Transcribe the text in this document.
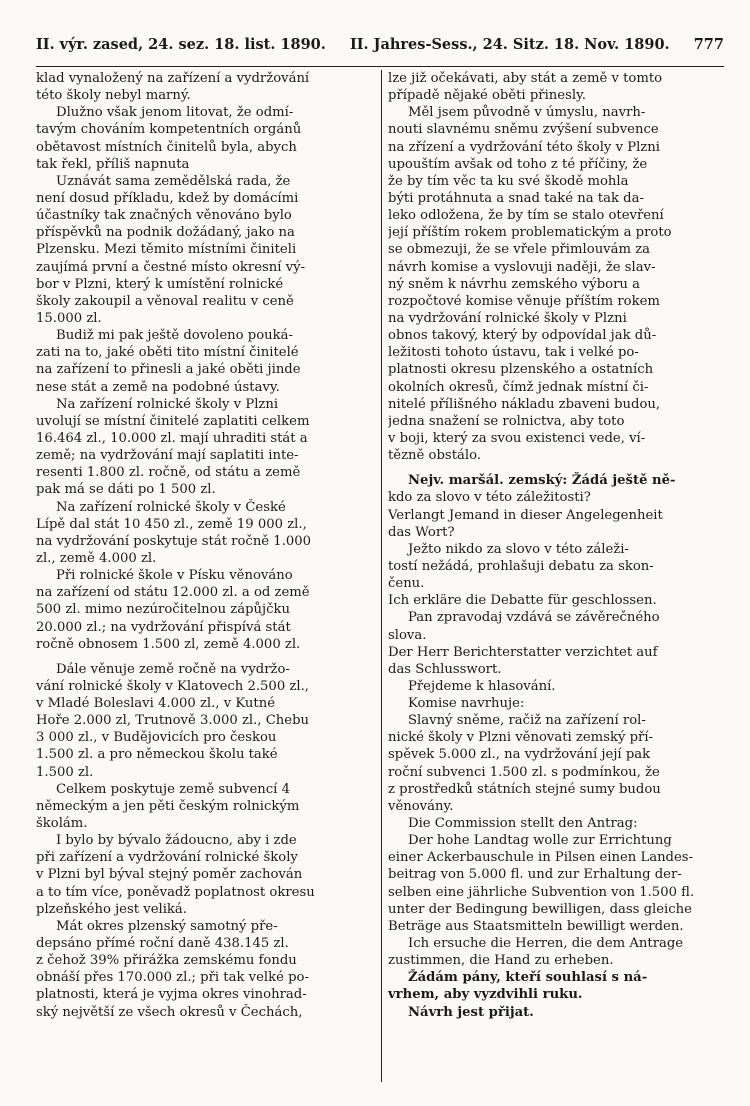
II. výr. zased, 24. sez. 18. list. 1890. II. Jahres-Sess., 24. Sitz. 18. Nov. 1890. 777
klad vynaložený na zařízení a vydržování
této školy nebyl marný.
Dlužno však jenom litovat, že odmí-
tavým chováním kompetentních orgánů
obětavost místních činitelů byla, abych
tak řekl, příliš napnuta
Uznávát sama zemědělská rada, že
není dosud příkladu, kdež by domácími
účastníky tak značných věnováno bylo
příspěvků na podnik dožádaný, jako na
Plzensku. Mezi těmito místními činiteli
zaujímá první a čestné místo okresní vý-
bor v Plzni, který k umístění rolnické
školy zakoupil a věnoval realitu v ceně
15.000 zl.
Budiž mi pak ještě dovoleno pouká-
zati na to, jaké oběti tito místní činitelé
na zařízení to přinesli a jaké oběti jinde
nese stát a země na podobné ústavy.
Na zařízení rolnické školy v Plzni
uvolují se místní činitelé zaplatiti celkem
16.464 zl., 10.000 zl. mají uhraditi stát a
země; na vydržování mají saplatiti inte-
resenti 1.800 zl. ročně, od státu a země
pak má se dáti po 1 500 zl.
Na zařízení rolnické školy v České
Lípě dal stát 10 450 zl., země 19 000 zl.,
na vydržování poskytuje stát ročně 1.000
zl., země 4.000 zl.
Při rolnické škole v Písku věnováno
na zařízení od státu 12.000 zl. a od země
500 zl. mimo nezúročitelnou zápůjčku
20.000 zl.; na vydržování přispívá stát
ročně obnosem 1.500 zl, země 4.000 zl.
Dále věnuje země ročně na vydržo-
vání rolnické školy v Klatovech 2.500 zl.,
v Mladé Boleslavi 4.000 zl., v Kutné
Hoře 2.000 zl, Trutnově 3.000 zl., Chebu
3 000 zl., v Budějovicích pro českou
1.500 zl. a pro německou školu také
1.500 zl.
Celkem poskytuje země subvencí 4
německým a jen pěti českým rolnickým
školám.
I bylo by bývalo žádoucno, aby i zde
při zařízení a vydržování rolnické školy
v Plzni byl býval stejný poměr zachován
a to tím více, poněvadž poplatnost okresu
plzeňského jest veliká.
Mát okres plzenský samotný pře-
depsáno přímé roční daně 438.145 zl.
z čehož 39% přirážka zemskému fondu
obnáší přes 170.000 zl.; při tak velké po-
platnosti, která je vyjma okres vinohrad-
ský největší ze všech okresů v Čechách,
lze již očekávati, aby stát a země v tomto
případě nějaké oběti přinesly.
Měl jsem původně v úmyslu, navrh-
nouti slavnému sněmu zvýšení subvence
na zřízení a vydržování této školy v Plzni
upouštím avšak od toho z té příčiny, že
že by tím věc ta ku své škodě mohla
býti protáhnuta a snad také na tak da-
leko odložena, že by tím se stalo otevření
její příštím rokem problematickým a proto
se obmezuji, že se vřele přimlouvám za
návrh komise a vyslovuji naději, že slav-
ný sněm k návrhu zemského výboru a
rozpočtové komise věnuje příštím rokem
na vydržování rolnické školy v Plzni
obnos takový, který by odpovídal jak dů-
ležitosti tohoto ústavu, tak i velké po-
platnosti okresu plzenského a ostatních
okolních okresů, čímž jednak místní či-
nitelé přílišného nákladu zbaveni budou,
jedna snažení se rolnictva, aby toto
v boji, který za svou existenci vede, ví-
tězně obstálo.
Nejv. maršál. zemský: Žádá ještě ně-
kdo za slovo v této záležitosti?
Verlangt Jemand in dieser Angelegenheit
das Wort?
Ježto nikdo za slovo v této záleži-
tostí nežádá, prohlašuji debatu za skon-
čenu.
Ich erkläre die Debatte für geschlossen.
Pan zpravodaj vzdává se závěrečného
slova.
Der Herr Berichterstatter verzichtet auf
das Schlusswort.
Přejdeme k hlasování.
Komise navrhuje:
Slavný sněme, račiž na zařízení rol-
nické školy v Plzni věnovati zemský pří-
spěvek 5.000 zl., na vydržování její pak
roční subvenci 1.500 zl. s podmínkou, že
z prostředků státních stejné sumy budou
věnovány.
Die Commission stellt den Antrag:
Der hohe Landtag wolle zur Errichtung
einer Ackerbauschule in Pilsen einen Landes-
beitrag von 5.000 fl. und zur Erhaltung der-
selben eine jährliche Subvention von 1.500 fl.
unter der Bedingung bewilligen, dass gleiche
Beträge aus Staatsmitteln bewilligt werden.
Ich ersuche die Herren, die dem Antrage
zustimmen, die Hand zu erheben.
Žádám pány, kteří souhlasí s ná-
vrhem, aby vyzdvihli ruku.
Návrh jest přijat.
